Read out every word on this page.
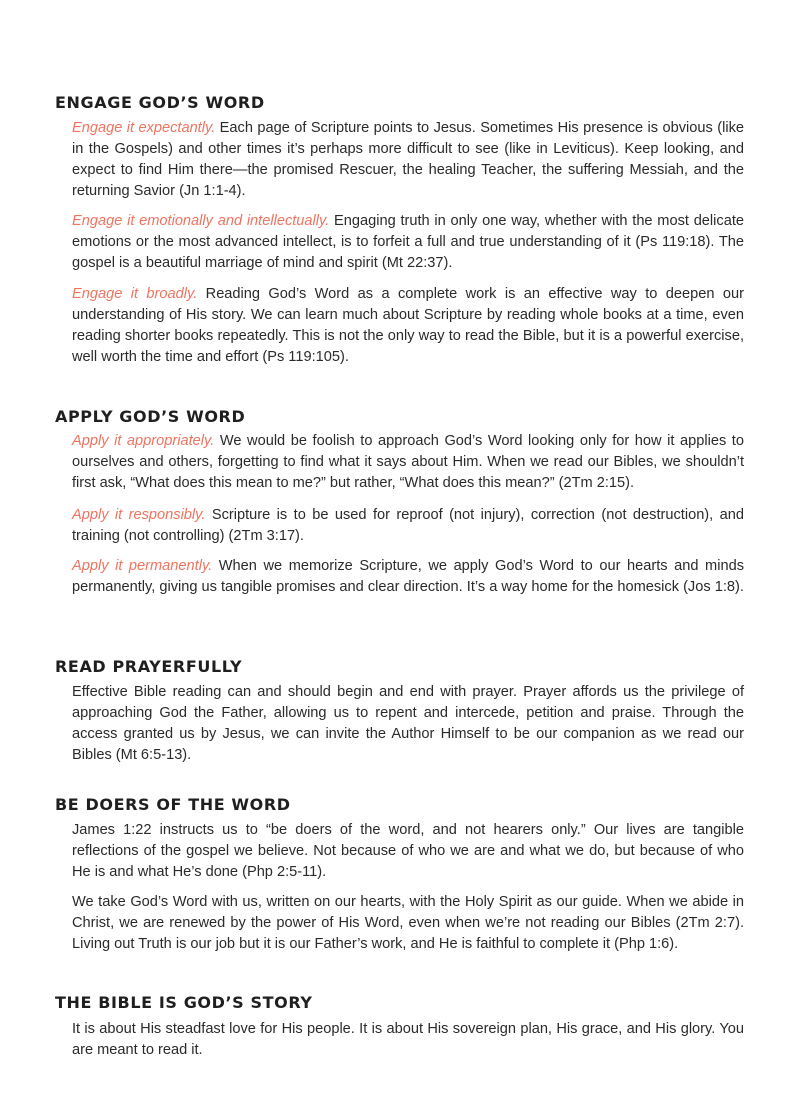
ENGAGE GOD’S WORD

Engage it expectantly. Each page of Scripture points to Jesus. Sometimes His presence is obvious (like in the Gospels) and other times it’s perhaps more difficult to see (like in Leviticus). Keep looking, and expect to find Him there—the promised Rescuer, the healing Teacher, the suffering Messiah, and the returning Savior (Jn 1:1-4).

Engage it emotionally and intellectually. Engaging truth in only one way, whether with the most delicate emotions or the most advanced intellect, is to forfeit a full and true understanding of it (Ps 119:18). The gospel is a beautiful marriage of mind and spirit (Mt 22:37).

Engage it broadly. Reading God’s Word as a complete work is an effective way to deepen our understanding of His story. We can learn much about Scripture by reading whole books at a time, even reading shorter books repeatedly. This is not the only way to read the Bible, but it is a powerful exercise, well worth the time and effort (Ps 119:105).

APPLY GOD’S WORD

Apply it appropriately. We would be foolish to approach God’s Word looking only for how it applies to ourselves and others, forgetting to find what it says about Him. When we read our Bibles, we shouldn’t first ask, “What does this mean to me?” but rather, “What does this mean?” (2Tm 2:15).

Apply it responsibly. Scripture is to be used for reproof (not injury), correction (not destruction), and training (not controlling) (2Tm 3:17).

Apply it permanently. When we memorize Scripture, we apply God’s Word to our hearts and minds permanently, giving us tangible promises and clear direction. It’s a way home for the homesick (Jos 1:8).

READ PRAYERFULLY

Effective Bible reading can and should begin and end with prayer. Prayer affords us the privilege of approaching God the Father, allowing us to repent and intercede, petition and praise. Through the access granted us by Jesus, we can invite the Author Himself to be our companion as we read our Bibles (Mt 6:5-13).

BE DOERS OF THE WORD

James 1:22 instructs us to “be doers of the word, and not hearers only.” Our lives are tangible reflections of the gospel we believe. Not because of who we are and what we do, but because of who He is and what He’s done (Php 2:5-11).

We take God’s Word with us, written on our hearts, with the Holy Spirit as our guide. When we abide in Christ, we are renewed by the power of His Word, even when we’re not reading our Bibles (2Tm 2:7). Living out Truth is our job but it is our Father’s work, and He is faithful to complete it (Php 1:6).

THE BIBLE IS GOD’S STORY

It is about His steadfast love for His people. It is about His sovereign plan, His grace, and His glory. You are meant to read it.
